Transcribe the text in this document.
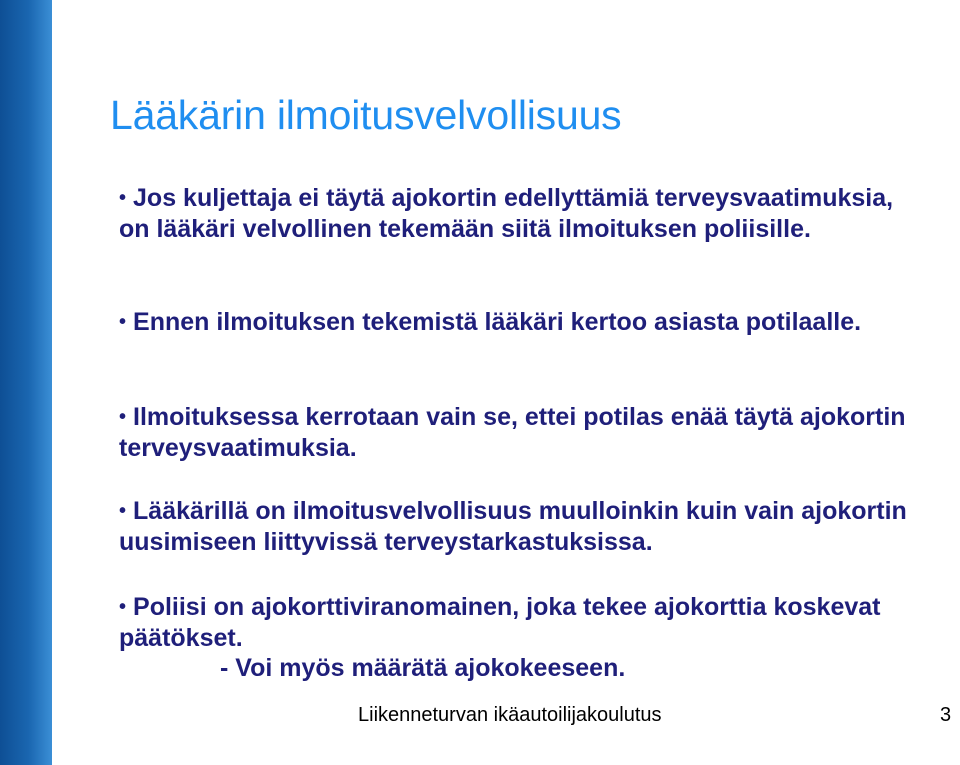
Lääkärin ilmoitusvelvollisuus
• Jos kuljettaja ei täytä ajokortin edellyttämiä terveysvaatimuksia, on lääkäri velvollinen tekemään siitä ilmoituksen poliisille.
• Ennen ilmoituksen tekemistä lääkäri kertoo asiasta potilaalle.
• Ilmoituksessa kerrotaan vain se, ettei potilas enää täytä ajokortin terveysvaatimuksia.
• Lääkärillä on ilmoitusvelvollisuus muulloinkin kuin vain ajokortin uusimiseen liittyvissä terveystarkastuksissa.
• Poliisi on ajokorttiviranomainen, joka tekee ajokorttia koskevat päätökset.
- Voi myös määrätä ajokokeeseen.
Liikenneturvan ikäautoilijakoulutus	3
